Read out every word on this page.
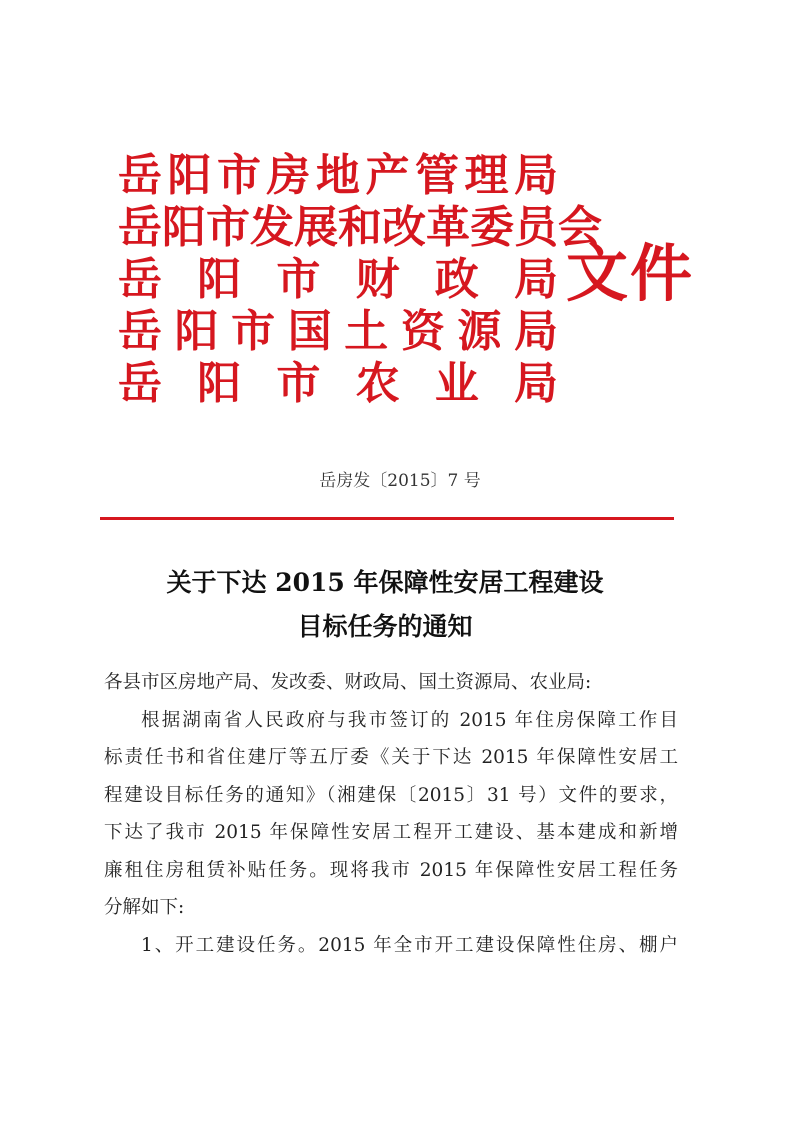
岳 阳 市 房 地 产 管 理 局
岳 阳 市 发 展 和 改 革 委 员 会
岳 阳 市 财 政 局
岳 阳 市 国 土 资 源 局
岳 阳 市 农 业 局
文件
岳房发〔2015〕7 号
关于下达 2015 年保障性安居工程建设
目标任务的通知

各县市区房地产局、发改委、财政局、国土资源局、农业局:

根据湖南省人民政府与我市签订的 2015 年住房保障工作目

标责任书和省住建厅等五厅委《关于下达 2015 年保障性安居工

程建设目标任务的通知》（湘建保〔2015〕31 号）文件的要求，

下达了我市 2015 年保障性安居工程开工建设、基本建成和新增

廉租住房租赁补贴任务。现将我市 2015 年保障性安居工程任务

分解如下:

1、开工建设任务。2015 年全市开工建设保障性住房、棚户
